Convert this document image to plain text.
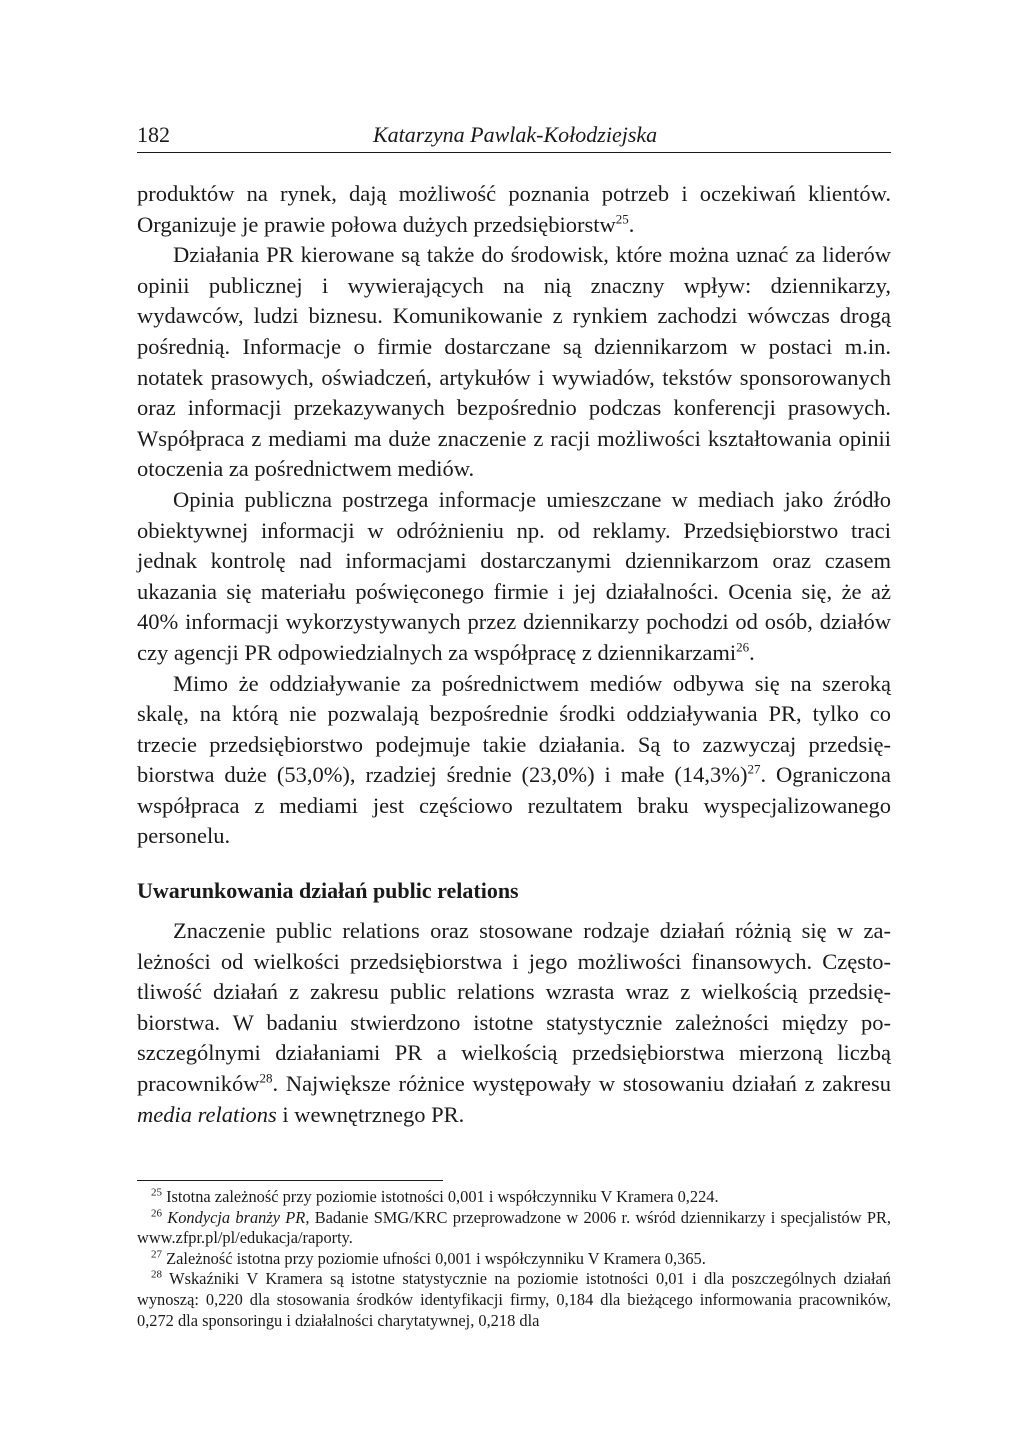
182	Katarzyna Pawlak-Kołodziejska

produktów na rynek, dają możliwość poznania potrzeb i oczekiwań klientów. Organizuje je prawie połowa dużych przedsiębiorstw$^{25}$.

Działania PR kierowane są także do środowisk, które można uznać za liderów opinii publicznej i wywierających na nią znaczny wpływ: dziennikarzy, wydawców, ludzi biznesu. Komunikowanie z rynkiem zachodzi wówczas drogą pośrednią. Informacje o firmie dostarczane są dziennikarzom w postaci m.in. notatek prasowych, oświadczeń, artykułów i wywiadów, tekstów sponsorowanych oraz informacji przekazywanych bezpośrednio podczas konferencji prasowych. Współpraca z mediami ma duże znaczenie z racji możliwości kształtowania opinii otoczenia za pośrednictwem mediów.

Opinia publiczna postrzega informacje umieszczane w mediach jako źródło obiektywnej informacji w odróżnieniu np. od reklamy. Przedsiębiorstwo traci jednak kontrolę nad informacjami dostarczanymi dziennikarzom oraz czasem ukazania się materiału poświęconego firmie i jej działalności. Ocenia się, że aż 40% informacji wykorzystywanych przez dziennikarzy pochodzi od osób, działów czy agencji PR odpowiedzialnych za współpracę z dziennikarzami$^{26}$.

Mimo że oddziaływanie za pośrednictwem mediów odbywa się na szeroką skalę, na którą nie pozwalają bezpośrednie środki oddziaływania PR, tylko co trzecie przedsiębiorstwo podejmuje takie działania. Są to zazwyczaj przedsiębiorstwa duże (53,0%), rzadziej średnie (23,0%) i małe $(14,3\%)^{27}$. Ograniczona współpraca z mediami jest częściowo rezultatem braku wyspecjalizowanego personelu.

Uwarunkowania działań public relations

Znaczenie public relations oraz stosowane rodzaje działań różnią się w zależności od wielkości przedsiębiorstwa i jego możliwości finansowych. Częstotliwość działań z zakresu public relations wzrasta wraz z wielkością przedsiębiorstwa. W badaniu stwierdzono istotne statystycznie zależności między poszczególnymi działaniami PR a wielkością przedsiębiorstwa mierzoną liczbą pracowników$^{28}$. Największe różnice występowały w stosowaniu działań z zakresu media relations i wewnętrznego PR.

$^{25}$ Istotna zależność przy poziomie istotności 0,001 i współczynniku V Kramera 0,224.

$^{26}$ Kondycja branży PR, Badanie SMG/KRC przeprowadzone w 2006 r. wśród dziennikarzy i specjalistów PR, www.zfpr.pl/pl/edukacja/raporty.

$^{27}$ Zależność istotna przy poziomie ufności 0,001 i współczynniku V Kramera 0,365.

$^{28}$ Wskaźniki V Kramera są istotne statystycznie na poziomie istotności 0,01 i dla poszczególnych działań wynoszą: 0,220 dla stosowania środków identyfikacji firmy, 0,184 dla bieżącego informowania pracowników, 0,272 dla sponsoringu i działalności charytatywnej, 0,218 dla
